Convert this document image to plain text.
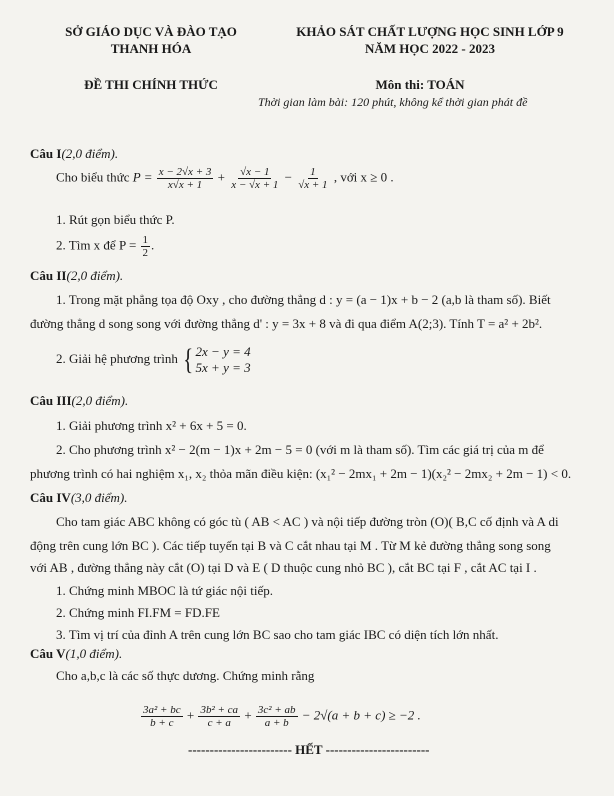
SỞ GIÁO DỤC VÀ ĐÀO TẠO
THANH HÓA
KHẢO SÁT CHẤT LƯỢNG HỌC SINH LỚP 9
NĂM HỌC 2022 - 2023
ĐỀ THI CHÍNH THỨC	Môn thi: TOÁN
Thời gian làm bài: 120 phút, không kể thời gian phát đề
Câu I(2,0 điểm).
Cho biểu thức $P = \frac{x - 2√x + 3}{x√x + 1} + \frac{√x - 1}{x - √x + 1} - \frac{1}{√x + 1}$ , với x ≥ 0 .
1. Rút gọn biểu thức P.
2. Tìm x để $P = \frac{1}{2}$ .
Câu II(2,0 điểm).
1. Trong mặt phẳng tọa độ Oxy , cho đường thẳng d : y = (a − 1)x + b − 2 (a,b là tham số). Biết
đường thẳng d song song với đường thẳng d' : y = 3x + 8 và đi qua điểm A(2;3). Tính T = a² + 2b².
2. Giải hệ phương trình { 2x − y = 4
5x + y = 3
Câu III(2,0 điểm).
1. Giải phương trình x² + 6x + 5 = 0.
2. Cho phương trình x² − 2(m − 1)x + 2m − 5 = 0 (với m là tham số). Tìm các giá trị của m để
phương trình có hai nghiệm x₁, x₂ thỏa mãn điều kiện: (x₁² − 2mx₁ + 2m − 1)(x₂² − 2mx₂ + 2m − 1) < 0.
Câu IV(3,0 điểm).
Cho tam giác ABC không có góc tù ( AB < AC ) và nội tiếp đường tròn (O)( B,C cố định và A di
động trên cung lớn BC ). Các tiếp tuyến tại B và C cắt nhau tại M . Từ M kẻ đường thẳng song song
với AB , đường thẳng này cắt (O) tại D và E ( D thuộc cung nhỏ BC ), cắt BC tại F , cắt AC tại I .
1. Chứng minh MBOC là tứ giác nội tiếp.
2. Chứng minh FI.FM = FD.FE
3. Tìm vị trí của đỉnh A trên cung lớn BC sao cho tam giác IBC có diện tích lớn nhất.
Câu V(1,0 điểm).
Cho a,b,c là các số thực dương. Chứng minh rằng
$\frac{\text{3a² + bc}}{b + c} + \frac{\text{3b² + ca}}{c + a} + \frac{\text{3c² + ab}}{a + b} - 2√(a + b + c) \ge -2$ .
------------------------ HẾT ------------------------
